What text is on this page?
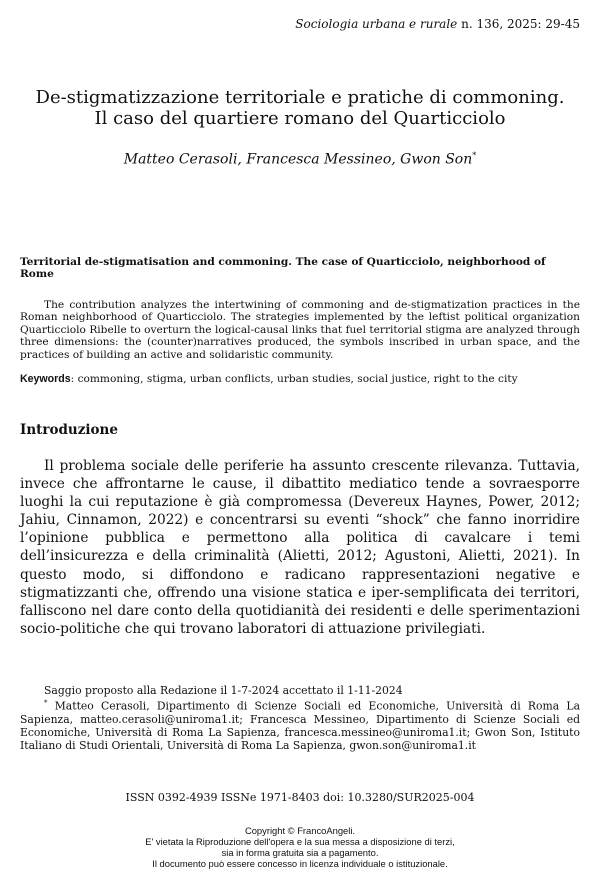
Sociologia urbana e rurale n. 136, 2025: 29-45
De-stigmatizzazione territoriale e pratiche di commoning.
Il caso del quartiere romano del Quarticciolo
Matteo Cerasoli, Francesca Messineo, Gwon Son*
Territorial de-stigmatisation and commoning. The case of Quarticciolo, neighborhood of Rome

The contribution analyzes the intertwining of commoning and de-stigmatization practices in the Roman neighborhood of Quarticciolo. The strategies implemented by the leftist political organization Quarticciolo Ribelle to overturn the logical-causal links that fuel territorial stigma are analyzed through three dimensions: the (counter)narratives produced, the symbols inscribed in urban space, and the practices of building an active and solidaristic community.

Keywords: commoning, stigma, urban conflicts, urban studies, social justice, right to the city
Introduzione

Il problema sociale delle periferie ha assunto crescente rilevanza. Tuttavia, invece che affrontarne le cause, il dibattito mediatico tende a sovraesporre luoghi la cui reputazione è già compromessa (Devereux Haynes, Power, 2012; Jahiu, Cinnamon, 2022) e concentrarsi su eventi “shock” che fanno inorridire l’opinione pubblica e permettono alla politica di cavalcare i temi dell’insicurezza e della criminalità (Alietti, 2012; Agustoni, Alietti, 2021). In questo modo, si diffondono e radicano rappresentazioni negative e stigmatizzanti che, offrendo una visione statica e iper-semplificata dei territori, falliscono nel dare conto della quotidianità dei residenti e delle sperimentazioni socio-politiche che qui trovano laboratori di attuazione privilegiati.

Saggio proposto alla Redazione il 1-7-2024 accettato il 1-11-2024
* Matteo Cerasoli, Dipartimento di Scienze Sociali ed Economiche, Università di Roma La Sapienza, matteo.cerasoli@uniroma1.it; Francesca Messineo, Dipartimento di Scienze Sociali ed Economiche, Università di Roma La Sapienza, francesca.messineo@uniroma1.it; Gwon Son, Istituto Italiano di Studi Orientali, Università di Roma La Sapienza, gwon.son@uniroma1.it
ISSN 0392-4939 ISSNe 1971-8403 doi: 10.3280/SUR2025-004
Copyright © FrancoAngeli.
E' vietata la Riproduzione dell'opera e la sua messa a disposizione di terzi,
sia in forma gratuita sia a pagamento.
Il documento può essere concesso in licenza individuale o istituzionale.
